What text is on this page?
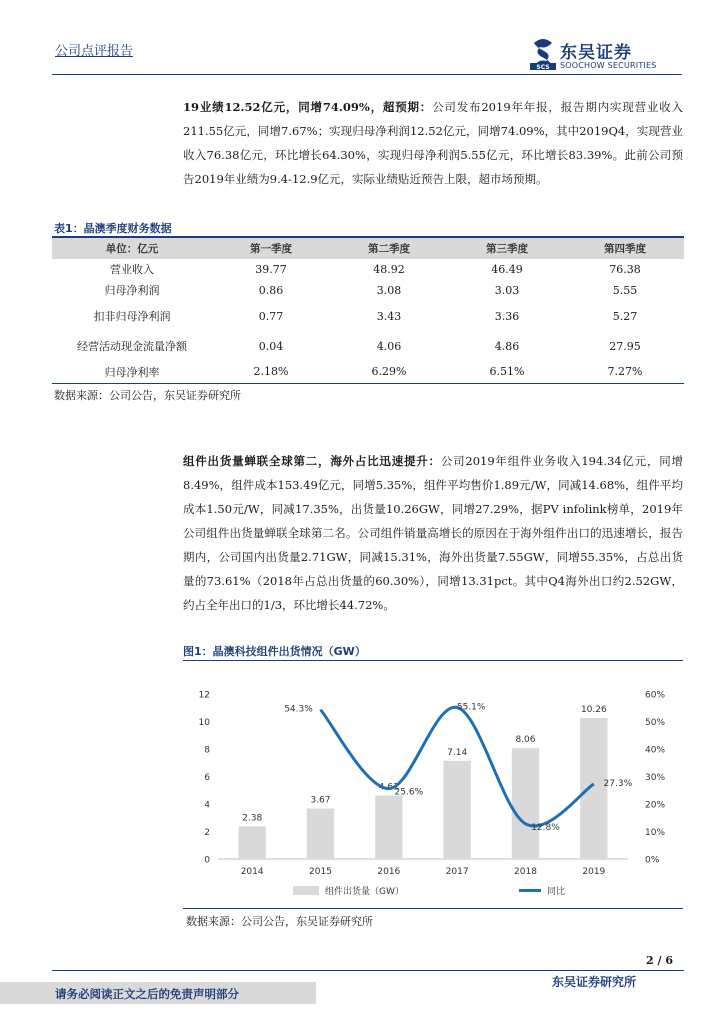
公司点评报告
SCS
东吴证券
SOOCHOW SECURITIES
19业绩12.52亿元，同增74.09%，超预期：公司发布2019年年报，报告期内实现营业收入211.55亿元，同增7.67%；实现归母净利润12.52亿元，同增74.09%，其中2019Q4，实现营业收入76.38亿元，环比增长64.30%，实现归母净利润5.55亿元，环比增长83.39%。此前公司预告2019年业绩为9.4-12.9亿元，实际业绩贴近预告上限，超市场预期。
表1：晶澳季度财务数据
单位：亿元	第一季度	第二季度	第三季度	第四季度
营业收入	39.77	48.92	46.49	76.38
归母净利润	0.86	3.08	3.03	5.55
扣非归母净利润	0.77	3.43	3.36	5.27
经营活动现金流量净额	0.04	4.06	4.86	27.95
归母净利率	2.18%	6.29%	6.51%	7.27%
数据来源：公司公告，东吴证券研究所
组件出货量蝉联全球第二，海外占比迅速提升：公司2019年组件业务收入194.34亿元，同增8.49%，组件成本153.49亿元，同增5.35%，组件平均售价1.89元/W，同减14.68%，组件平均成本1.50元/W，同减17.35%，出货量10.26GW，同增27.29%，据PV infolink榜单，2019年公司组件出货量蝉联全球第二名。公司组件销量高增长的原因在于海外组件出口的迅速增长，报告期内，公司国内出货量2.71GW，同减15.31%，海外出货量7.55GW，同增55.35%，占总出货量的73.61%（2018年占总出货量的60.30%），同增13.31pct。其中Q4海外出口约2.52GW，约占全年出口的1/3，环比增长44.72%。
图1：晶澳科技组件出货情况（GW）
0
2
4
6
8
10
12
0%
10%
20%
30%
40%
50%
60%
2014	2015	2016	2017	2018	2019
2.38
3.67
4.61
7.14
8.06
10.26
54.3%
25.6%
55.1%
12.8%
27.3%
组件出货量（GW）	同比
数据来源：公司公告，东吴证券研究所
2 / 6
请务必阅读正文之后的免责声明部分
东吴证券研究所
